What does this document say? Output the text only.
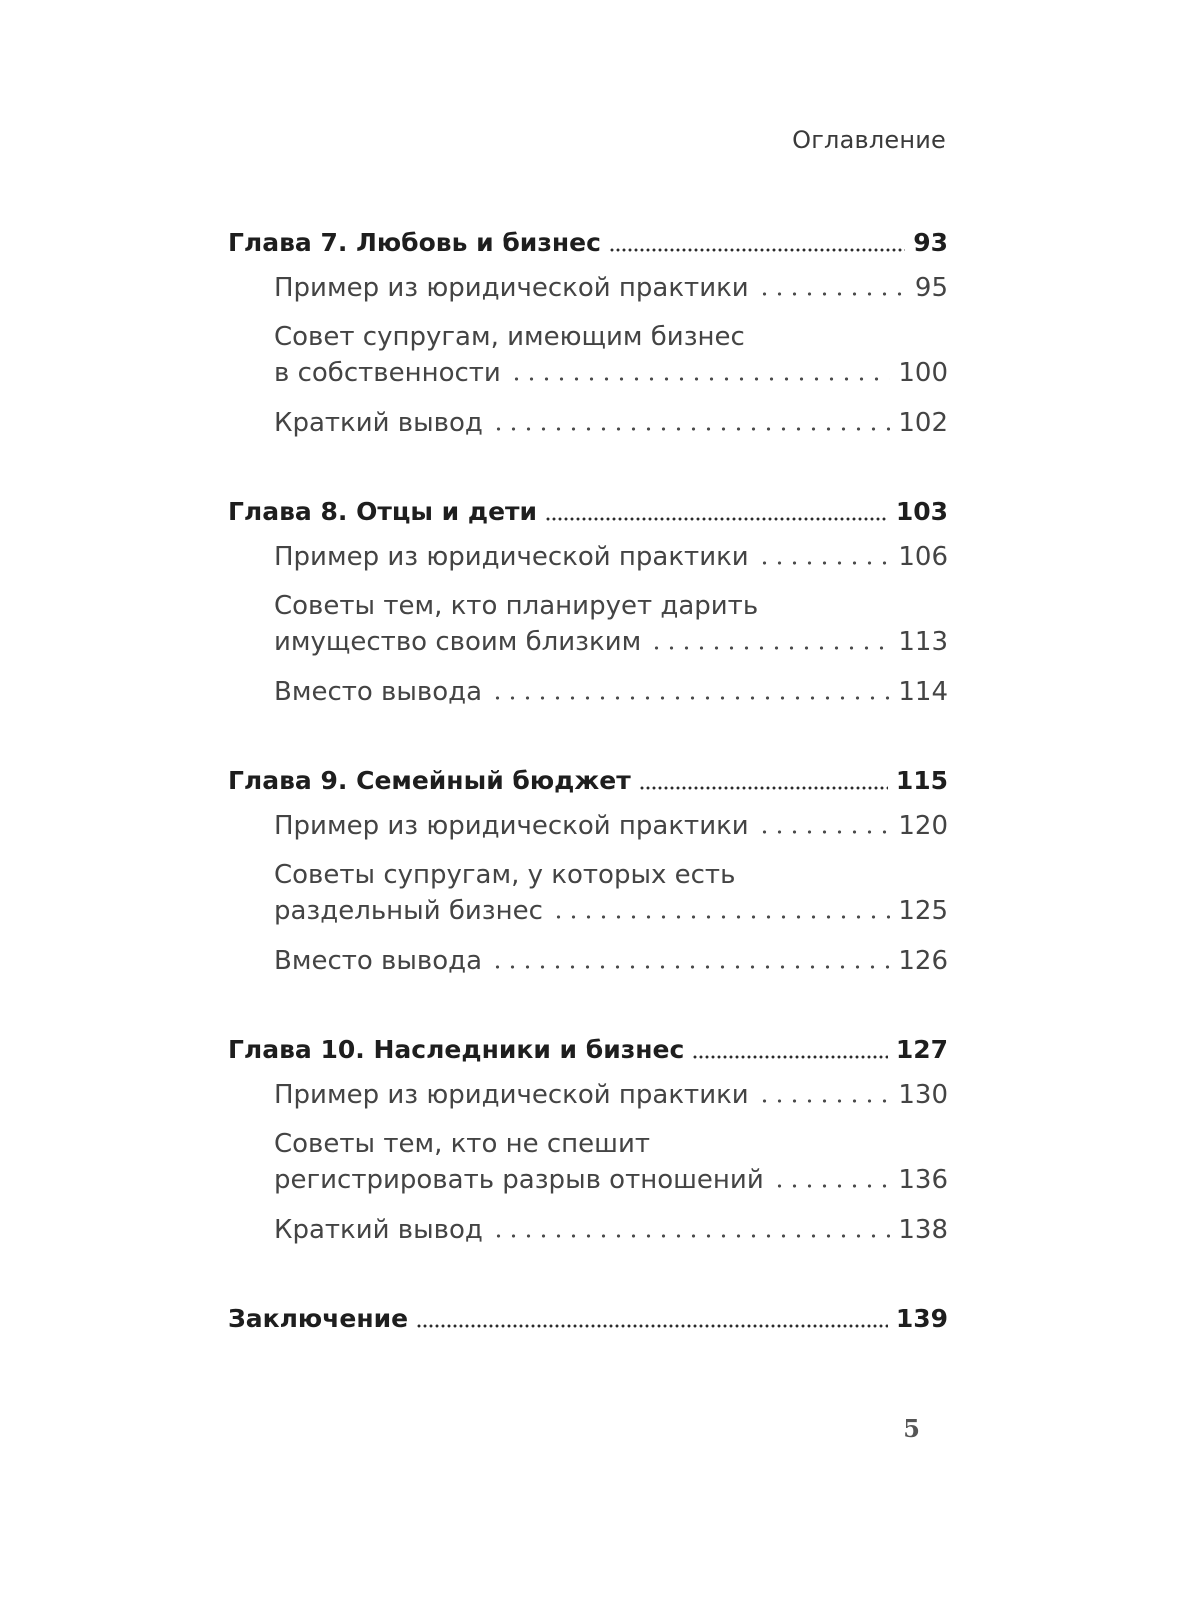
Оглавление
Глава 7. Любовь и бизнес	93
Пример из юридической практики	95
Совет супругам, имеющим бизнес
в собственности	100
Краткий вывод	102
Глава 8. Отцы и дети	103
Пример из юридической практики	106
Советы тем, кто планирует дарить
имущество своим близким	113
Вместо вывода	114
Глава 9. Семейный бюджет	115
Пример из юридической практики	120
Советы супругам, у которых есть
раздельный бизнес	125
Вместо вывода	126
Глава 10. Наследники и бизнес	127
Пример из юридической практики	130
Советы тем, кто не спешит
регистрировать разрыв отношений	136
Краткий вывод	138
Заключение	139
5
